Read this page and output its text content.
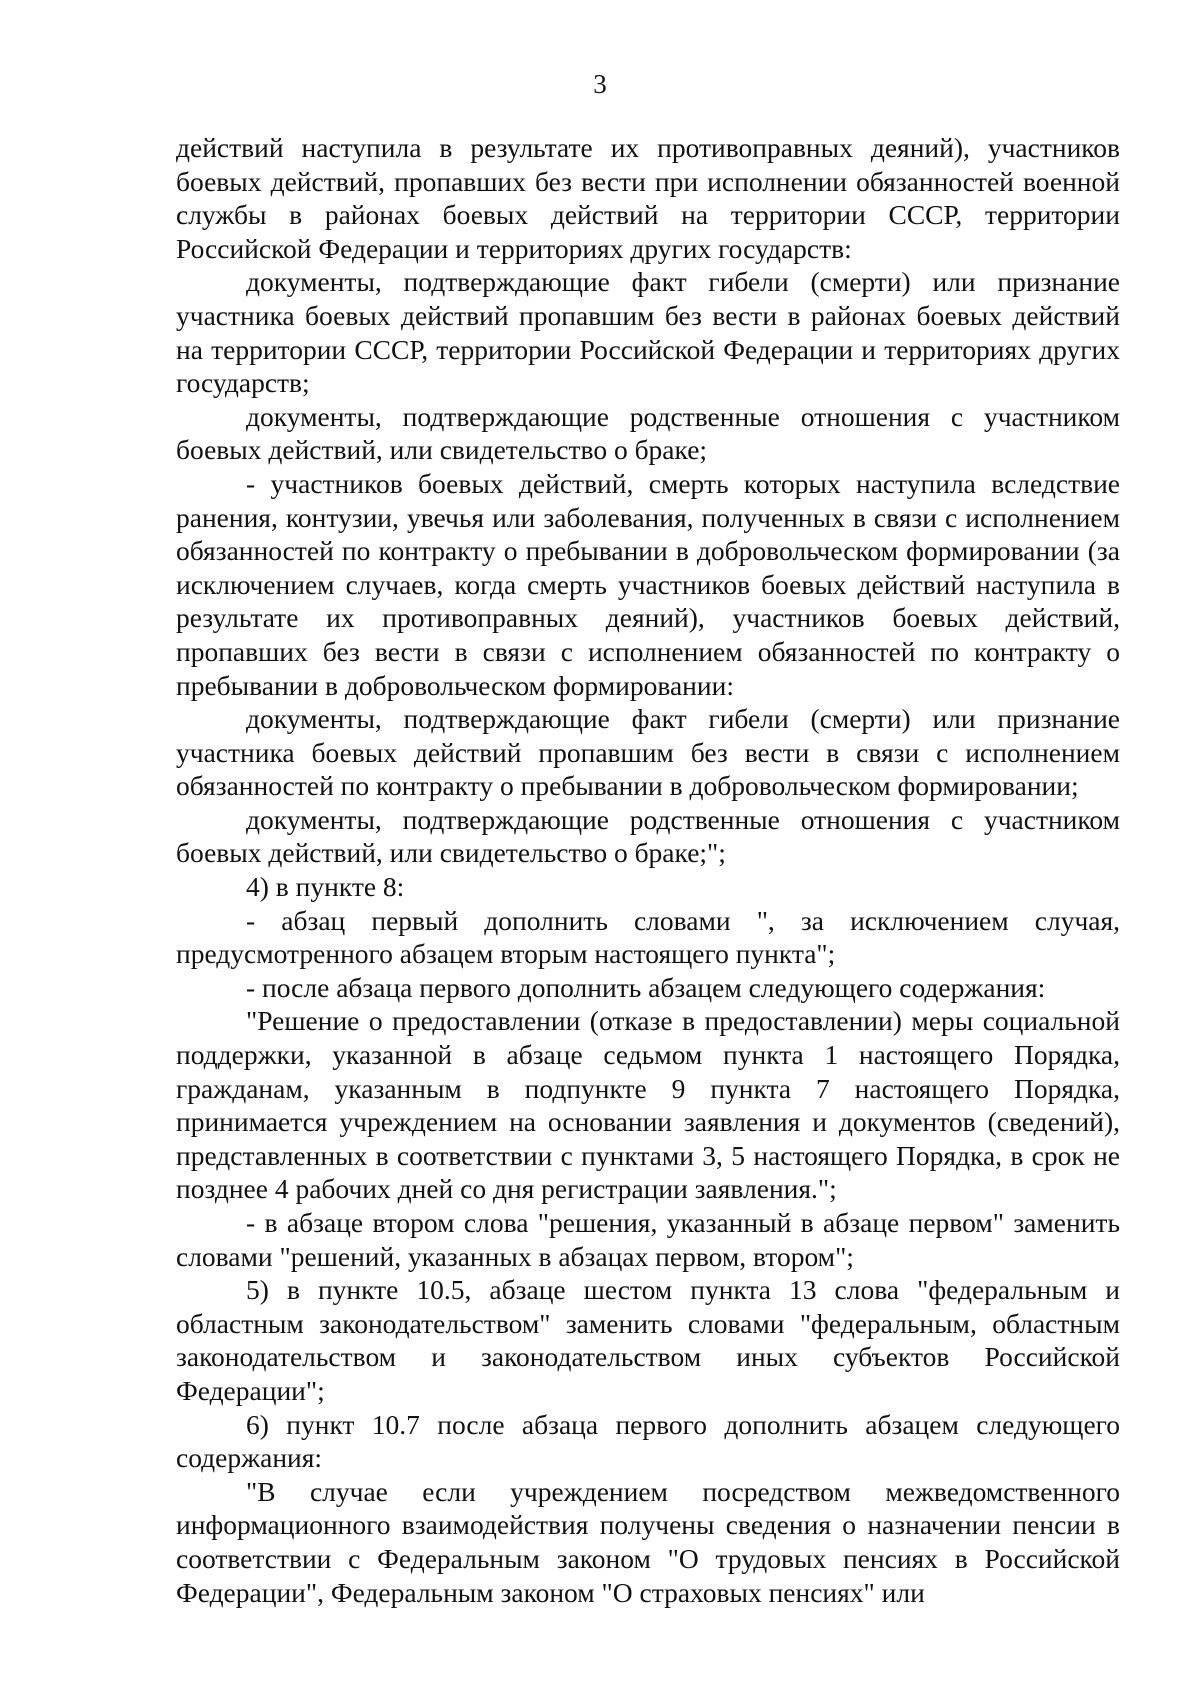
3

действий наступила в результате их противоправных деяний), участников боевых действий, пропавших без вести при исполнении обязанностей военной службы в районах боевых действий на территории СССР, территории Российской Федерации и территориях других государств:

документы, подтверждающие факт гибели (смерти) или признание участника боевых действий пропавшим без вести в районах боевых действий на территории СССР, территории Российской Федерации и территориях других государств;

документы, подтверждающие родственные отношения с участником боевых действий, или свидетельство о браке;

- участников боевых действий, смерть которых наступила вследствие ранения, контузии, увечья или заболевания, полученных в связи с исполнением обязанностей по контракту о пребывании в добровольческом формировании (за исключением случаев, когда смерть участников боевых действий наступила в результате их противоправных деяний), участников боевых действий, пропавших без вести в связи с исполнением обязанностей по контракту о пребывании в добровольческом формировании:

документы, подтверждающие факт гибели (смерти) или признание участника боевых действий пропавшим без вести в связи с исполнением обязанностей по контракту о пребывании в добровольческом формировании;

документы, подтверждающие родственные отношения с участником боевых действий, или свидетельство о браке;";

4) в пункте 8:

- абзац первый дополнить словами ", за исключением случая, предусмотренного абзацем вторым настоящего пункта";

- после абзаца первого дополнить абзацем следующего содержания:

"Решение о предоставлении (отказе в предоставлении) меры социальной поддержки, указанной в абзаце седьмом пункта 1 настоящего Порядка, гражданам, указанным в подпункте 9 пункта 7 настоящего Порядка, принимается учреждением на основании заявления и документов (сведений), представленных в соответствии с пунктами 3, 5 настоящего Порядка, в срок не позднее 4 рабочих дней со дня регистрации заявления.";

- в абзаце втором слова "решения, указанный в абзаце первом" заменить словами "решений, указанных в абзацах первом, втором";

5) в пункте 10.5, абзаце шестом пункта 13 слова "федеральным и областным законодательством" заменить словами "федеральным, областным законодательством и законодательством иных субъектов Российской Федерации";

6) пункт 10.7 после абзаца первого дополнить абзацем следующего содержания:

"В случае если учреждением посредством межведомственного информационного взаимодействия получены сведения о назначении пенсии в соответствии с Федеральным законом "О трудовых пенсиях в Российской Федерации", Федеральным законом "О страховых пенсиях" или
